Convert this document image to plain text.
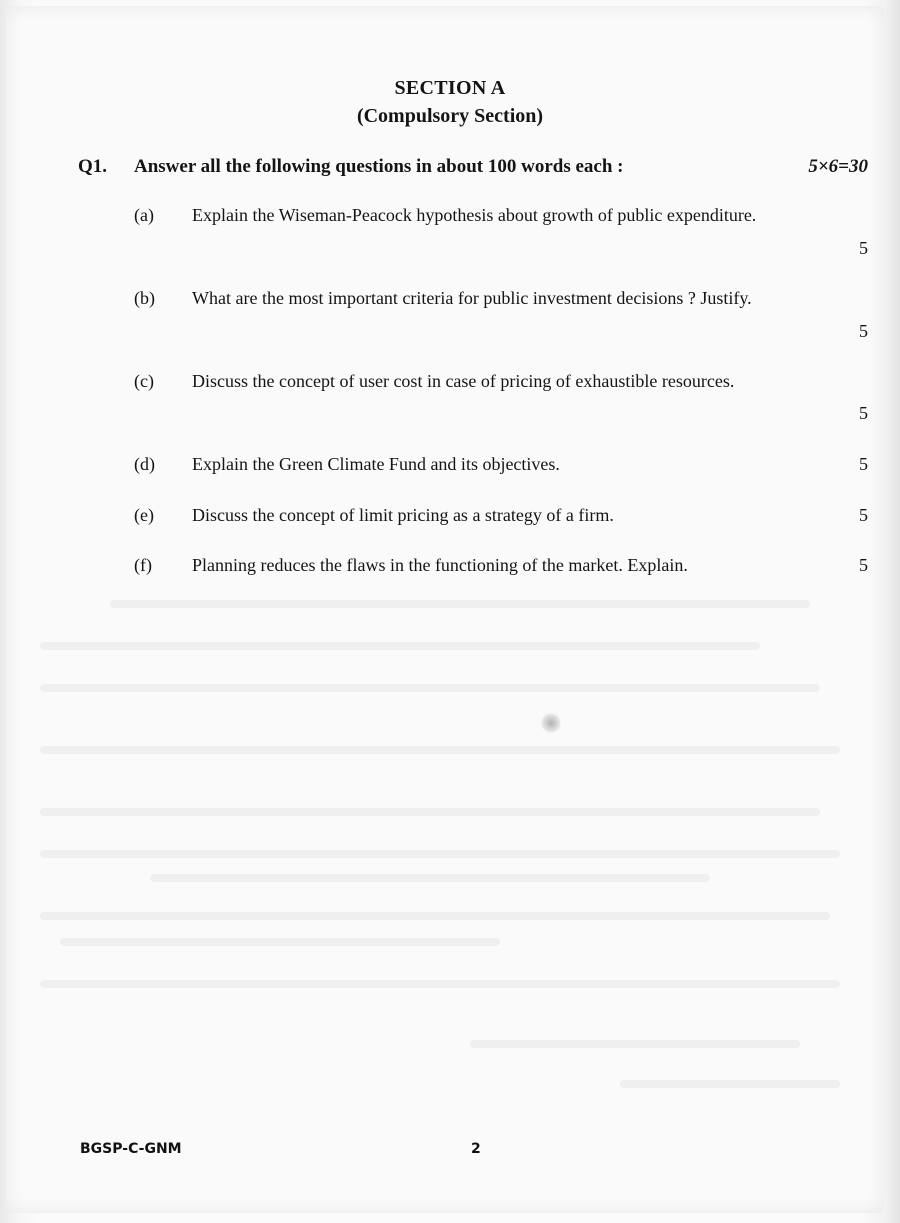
SECTION A
(Compulsory Section)
Q1. Answer all the following questions in about 100 words each :	5×6=30
(a) Explain the Wiseman-Peacock hypothesis about growth of public expenditure.
5
(b) What are the most important criteria for public investment decisions ? Justify.
5
(c) Discuss the concept of user cost in case of pricing of exhaustible resources.
5
(d) Explain the Green Climate Fund and its objectives.	5
(e) Discuss the concept of limit pricing as a strategy of a firm.	5
(f) Planning reduces the flaws in the functioning of the market. Explain.	5
BGSP-C-GNM	2
